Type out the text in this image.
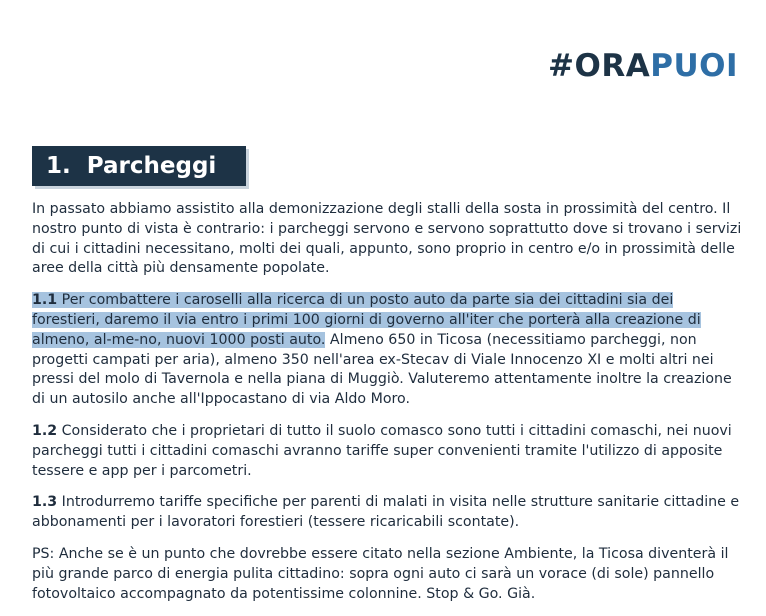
#ORAPUOI
1. Parcheggi

In passato abbiamo assistito alla demonizzazione degli stalli della sosta in prossimità del centro. Il nostro punto di vista è contrario: i parcheggi servono e servono soprattutto dove si trovano i servizi di cui i cittadini necessitano, molti dei quali, appunto, sono proprio in centro e/o in prossimità delle aree della città più densamente popolate.

1.1 Per combattere i caroselli alla ricerca di un posto auto da parte sia dei cittadini sia dei forestieri, daremo il via entro i primi 100 giorni di governo all'iter che porterà alla creazione di almeno, al-me-no, nuovi 1000 posti auto. Almeno 650 in Ticosa (necessitiamo parcheggi, non progetti campati per aria), almeno 350 nell'area ex-Stecav di Viale Innocenzo XI e molti altri nei pressi del molo di Tavernola e nella piana di Muggiò. Valuteremo attentamente inoltre la creazione di un autosilo anche all'Ippocastano di via Aldo Moro.

1.2 Considerato che i proprietari di tutto il suolo comasco sono tutti i cittadini comaschi, nei nuovi parcheggi tutti i cittadini comaschi avranno tariffe super convenienti tramite l'utilizzo di apposite tessere e app per i parcometri.

1.3 Introdurremo tariffe specifiche per parenti di malati in visita nelle strutture sanitarie cittadine e abbonamenti per i lavoratori forestieri (tessere ricaricabili scontate).

PS: Anche se è un punto che dovrebbe essere citato nella sezione Ambiente, la Ticosa diventerà il più grande parco di energia pulita cittadino: sopra ogni auto ci sarà un vorace (di sole) pannello fotovoltaico accompagnato da potentissime colonnine. Stop & Go. Già.
